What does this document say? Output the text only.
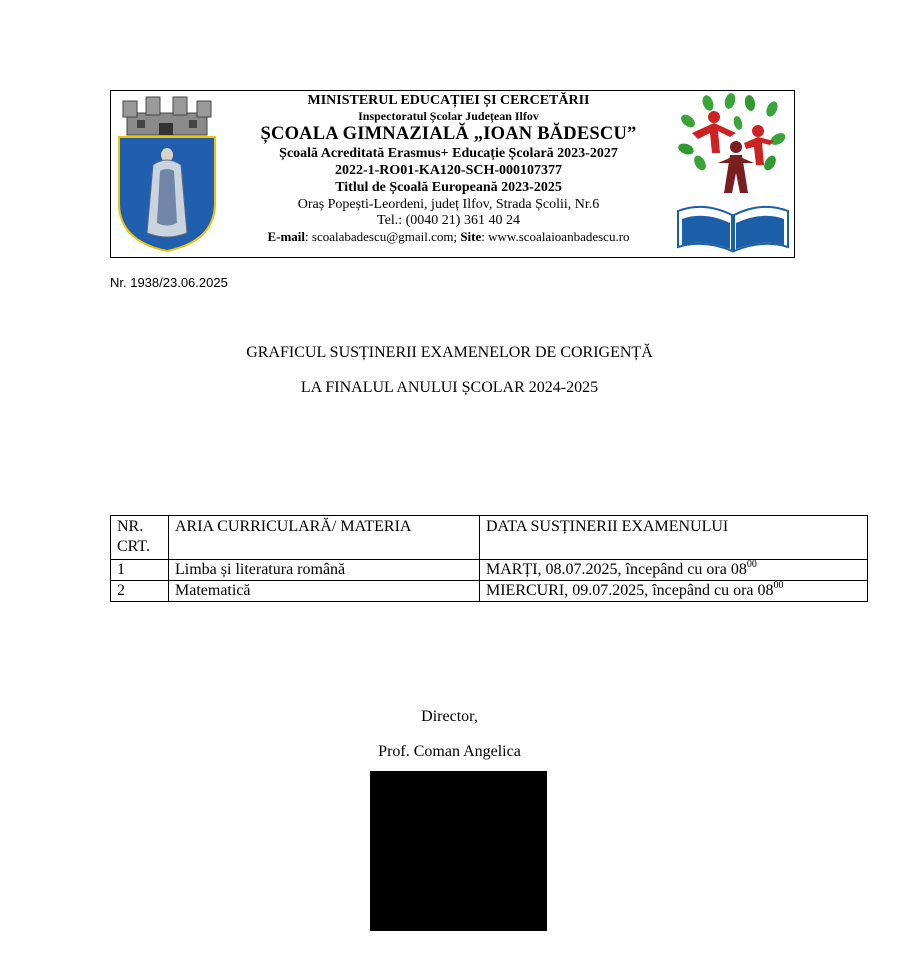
MINISTERUL EDUCAȚIEI ȘI CERCETĂRII
Inspectoratul Școlar Județean Ilfov
ȘCOALA GIMNAZIALĂ „IOAN BĂDESCU”
Școală Acreditată Erasmus+ Educație Școlară 2023-2027
2022-1-RO01-KA120-SCH-000107377
Titlul de Școală Europeană 2023-2025
Oraș Popești-Leordeni, județ Ilfov, Strada Școlii, Nr.6
Tel.: (0040 21) 361 40 24
E-mail: scoalabadescu@gmail.com; Site: www.scoalaioanbadescu.ro
Nr. 1938/23.06.2025
GRAFICUL SUSȚINERII EXAMENELOR DE CORIGENȚĂ
LA FINALUL ANULUI ȘCOLAR 2024-2025
NR. CRT.	ARIA CURRICULARĂ/ MATERIA	DATA SUSȚINERII EXAMENULUI
1	Limba și literatura română	MARȚI, 08.07.2025, începând cu ora $08^{00}$
2	Matematică	MIERCURI, 09.07.2025, începând cu ora $08^{00}$
Director,
Prof. Coman Angelica
